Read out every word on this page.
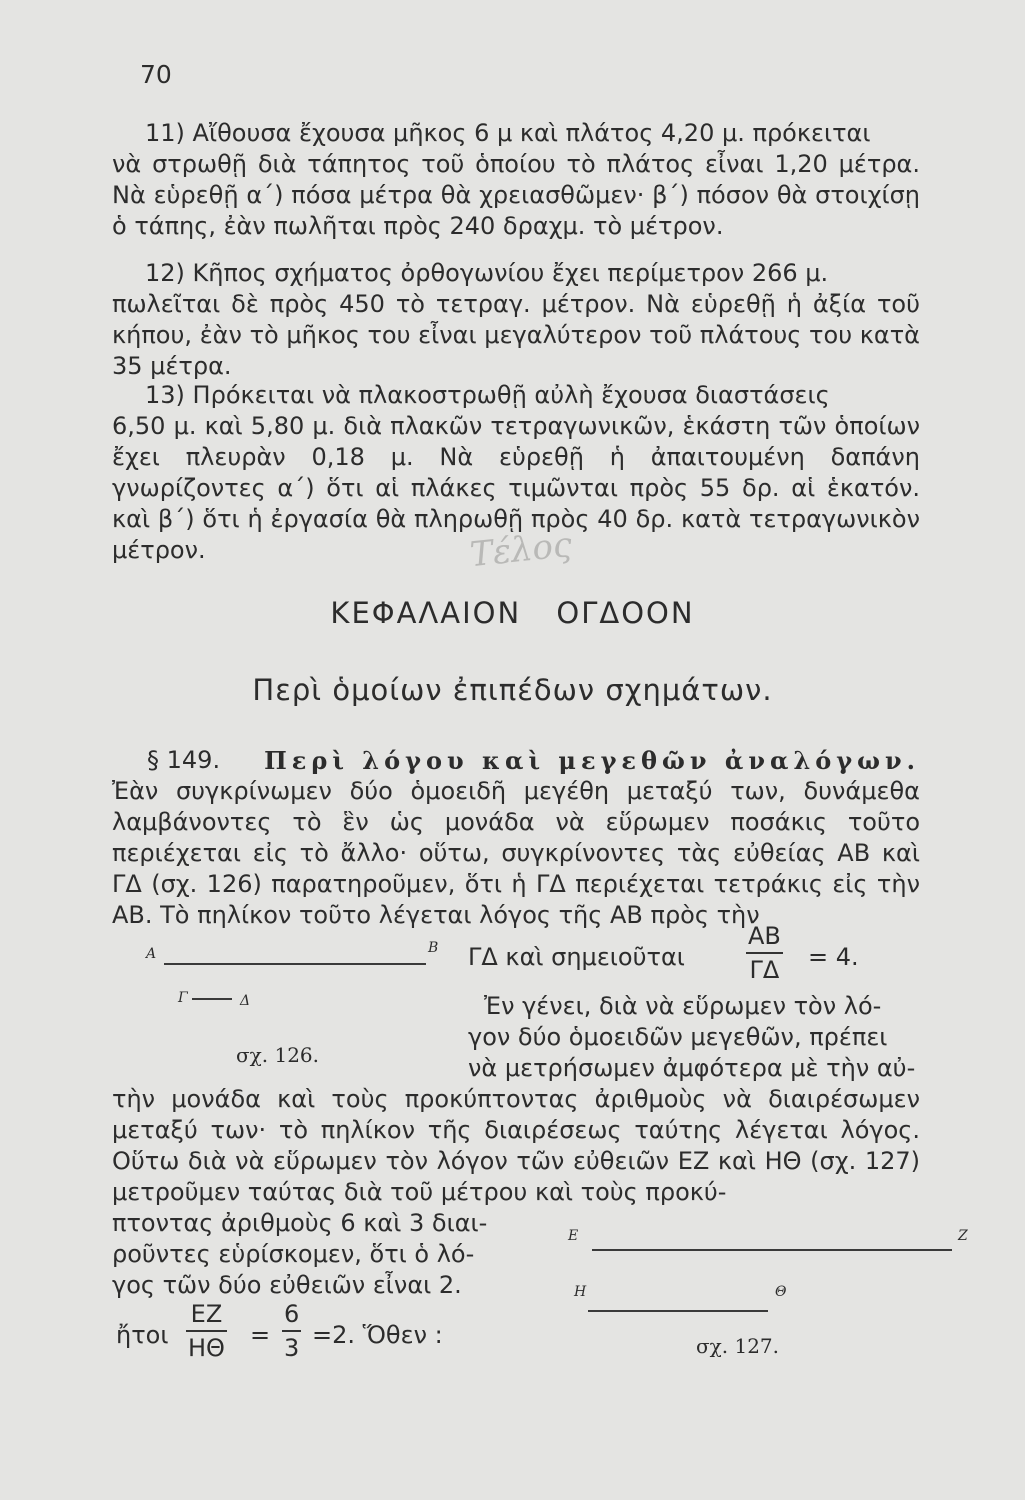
70

11) Αἴθουσα ἔχουσα μῆκος 6 μ καὶ πλάτος 4,20 μ. πρόκειται

νὰ στρωθῇ διὰ τάπητος τοῦ ὁποίου τὸ πλάτος εἶναι 1,20 μέτρα. Νὰ εὑρεθῇ α΄) πόσα μέτρα θὰ χρειασθῶμεν· β΄) πόσον θὰ στοιχίσῃ ὁ τάπης, ἐὰν πωλῆται πρὸς 240 δραχμ. τὸ μέτρον.

12) Κῆπος σχήματος ὀρθογωνίου ἔχει περίμετρον 266 μ.

πωλεῖται δὲ πρὸς 450 τὸ τετραγ. μέτρον. Νὰ εὑρεθῇ ἡ ἀξία τοῦ κήπου, ἐὰν τὸ μῆκος του εἶναι μεγαλύτερον τοῦ πλάτους του κατὰ 35 μέτρα.

13) Πρόκειται νὰ πλακοστρωθῇ αὐλὴ ἔχουσα διαστάσεις

6,50 μ. καὶ 5,80 μ. διὰ πλακῶν τετραγωνικῶν, ἑκάστη τῶν ὁποίων ἔχει πλευρὰν 0,18 μ. Νὰ εὑρεθῇ ἡ ἀπαιτουμένη δαπάνη γνωρίζοντες α΄) ὅτι αἱ πλάκες τιμῶνται πρὸς 55 δρ. αἱ ἑκατόν. καὶ β΄) ὅτι ἡ ἐργασία θὰ πληρωθῇ πρὸς 40 δρ. κατὰ τετραγωνικὸν μέτρον.	Τέλος
ΚΕΦΑΛΑΙΟΝ ΟΓΔΟΟΝ
Περὶ ὁμοίων ἐπιπέδων σχημάτων.
§ 149. Περὶ λόγου καὶ μεγεθῶν ἀναλόγων.

Ἐὰν συγκρίνωμεν δύο ὁμοειδῆ μεγέθη μεταξύ των, δυνάμεθα λαμβάνοντες τὸ ἓν ὡς μονάδα νὰ εὕρωμεν ποσάκις τοῦτο περιέχεται εἰς τὸ ἄλλο· οὕτω, συγκρίνοντες τὰς εὐθείας ΑΒ καὶ ΓΔ (σχ. 126) παρατηροῦμεν, ὅτι ἡ ΓΔ περιέχεται τετράκις εἰς τὴν ΑΒ. Τὸ πηλίκον τοῦτο λέγεται λόγος τῆς ΑΒ πρὸς τὴν

Α	Β
Γ	Δ
σχ. 126.
ΓΔ καὶ σημειοῦται
ΑΒ
ΓΔ = 4.
Ἐν γένει, διὰ νὰ εὕρωμεν τὸν λό-
γον δύο ὁμοειδῶν μεγεθῶν, πρέπει
νὰ μετρήσωμεν ἀμφότερα μὲ τὴν αὐ-
τὴν μονάδα καὶ τοὺς προκύπτοντας ἀριθμοὺς νὰ διαιρέσωμεν μεταξύ των· τὸ πηλίκον τῆς διαιρέσεως ταύτης λέγεται λόγος. Οὕτω διὰ νὰ εὕρωμεν τὸν λόγον τῶν εὐθειῶν ΕΖ καὶ ΗΘ (σχ. 127) μετροῦμεν ταύτας διὰ τοῦ μέτρου καὶ τοὺς προκύ-
πτοντας ἀριθμοὺς 6 καὶ 3 διαι-
ροῦντες εὑρίσκομεν, ὅτι ὁ λό-
γος τῶν δύο εὐθειῶν εἶναι 2.
ἤτοι
ΕΖ
ΗΘ =
6
3 =2. Ὅθεν :
Ε	Ζ
Η	Θ
σχ. 127.
